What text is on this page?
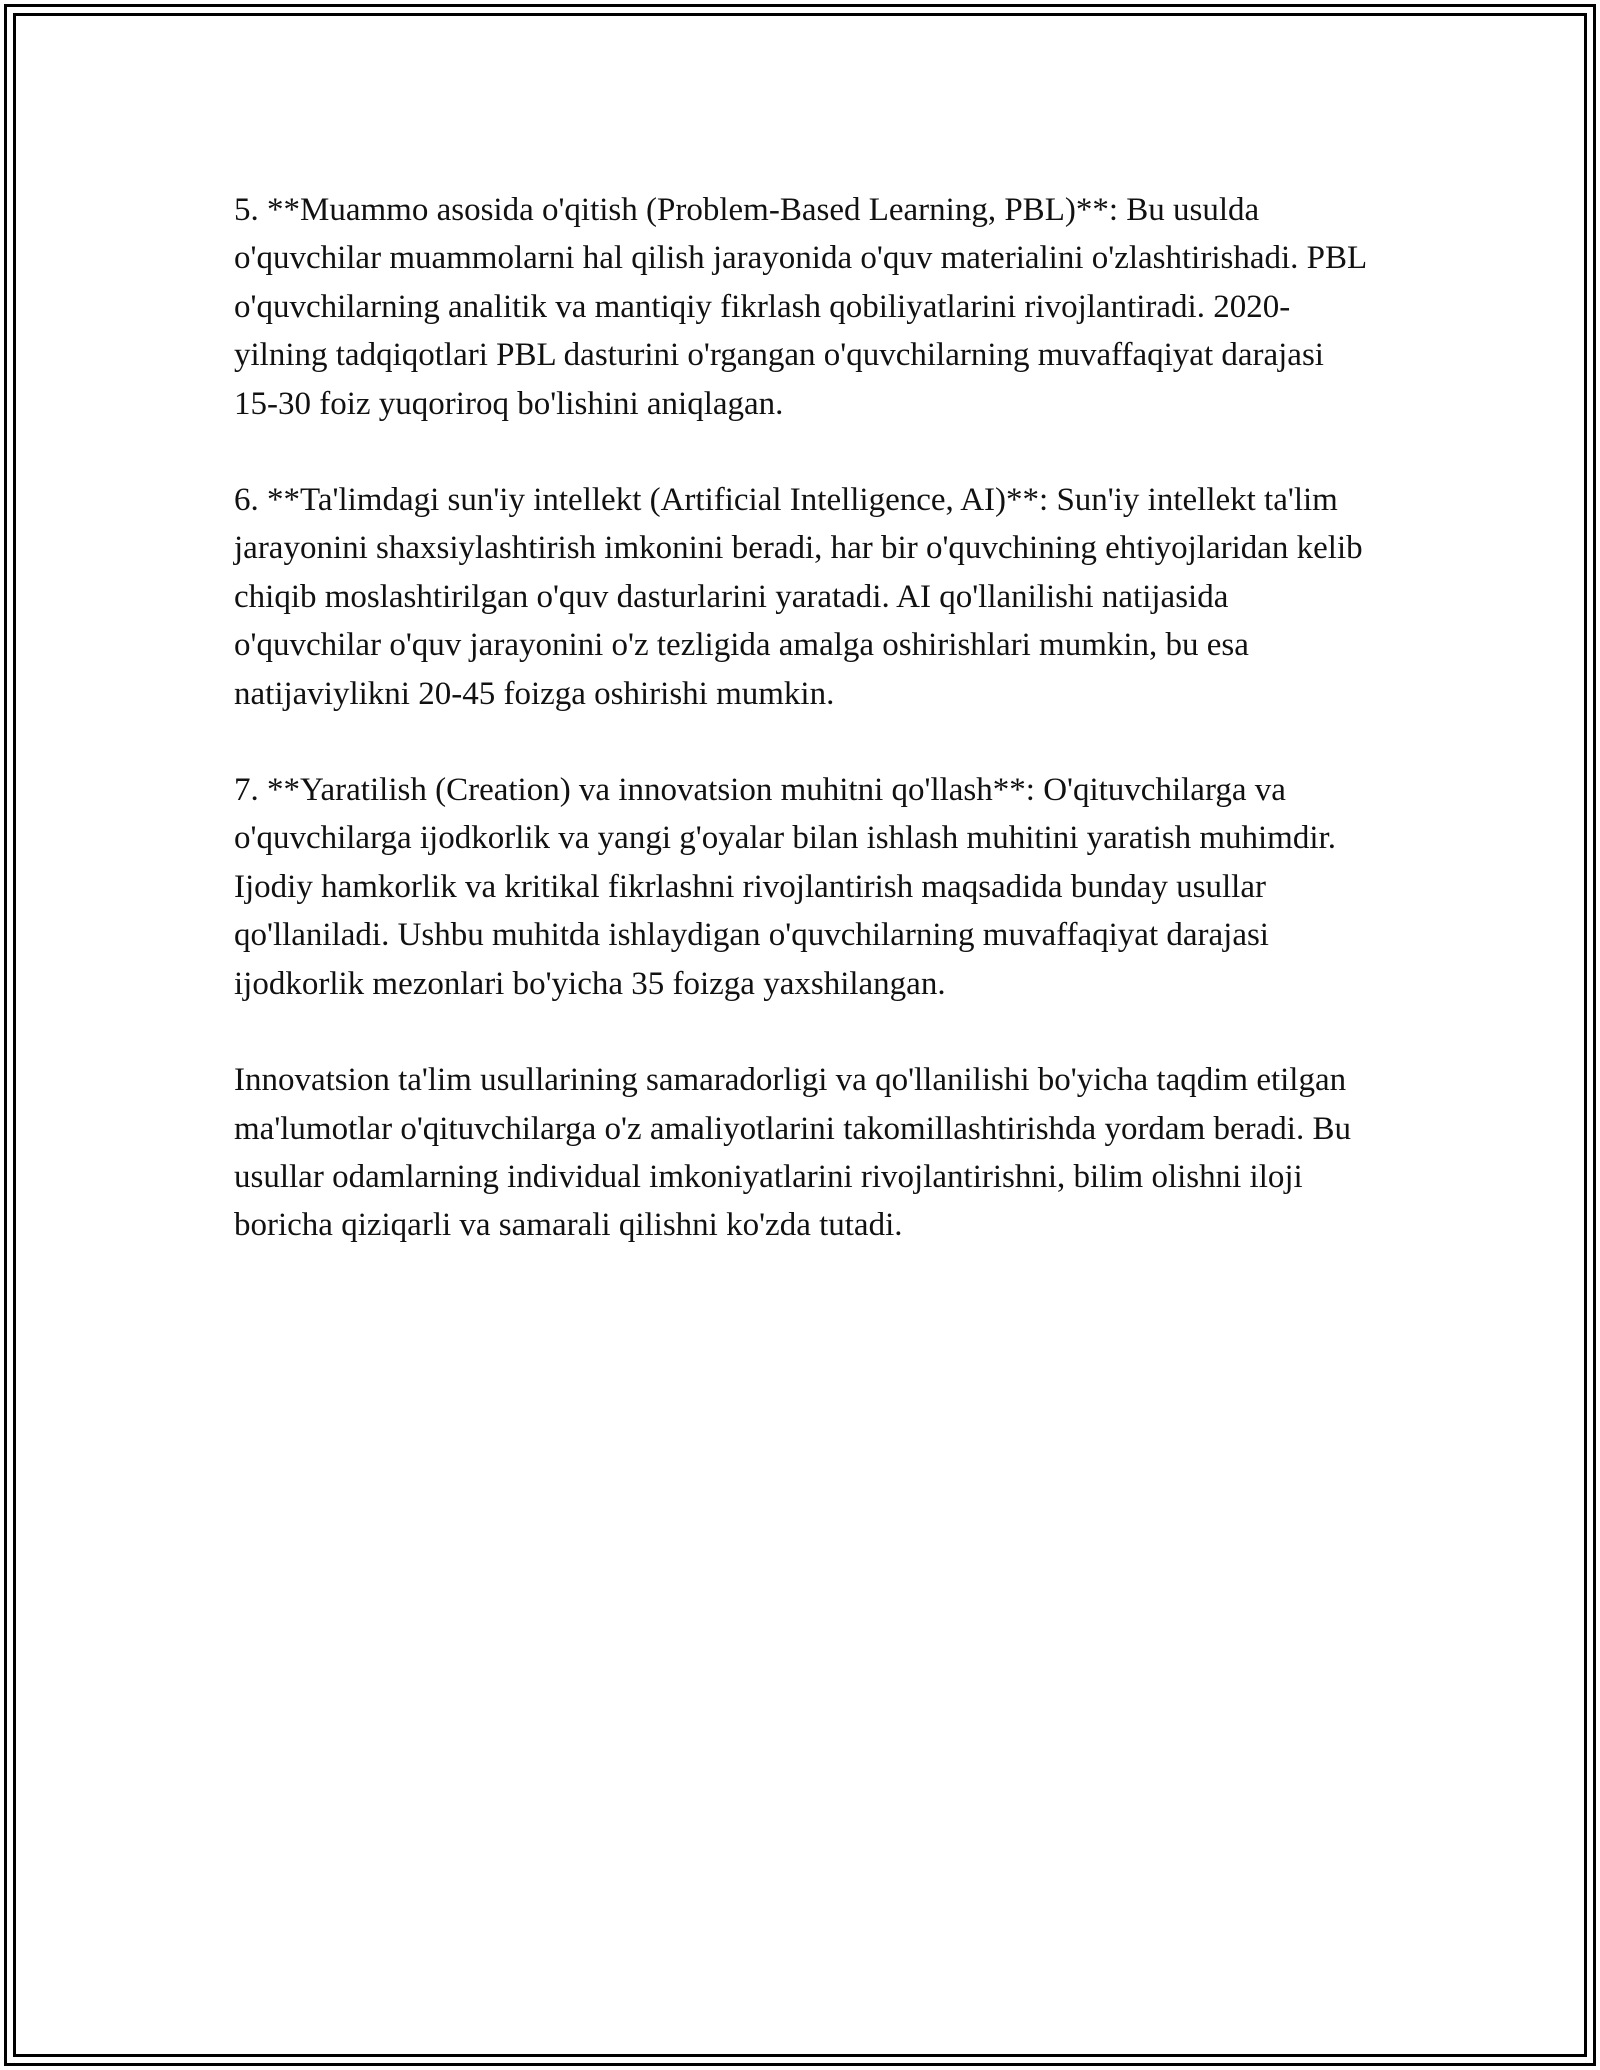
5. **Muammo asosida o'qitish (Problem-Based Learning, PBL)**: Bu usulda o'quvchilar muammolarni hal qilish jarayonida o'quv materialini o'zlashtirishadi. PBL o'quvchilarning analitik va mantiqiy fikrlash qobiliyatlarini rivojlantiradi. 2020-yilning tadqiqotlari PBL dasturini o'rgangan o'quvchilarning muvaffaqiyat darajasi 15-30 foiz yuqoriroq bo'lishini aniqlagan.

6. **Ta'limdagi sun'iy intellekt (Artificial Intelligence, AI)**: Sun'iy intellekt ta'lim jarayonini shaxsiylashtirish imkonini beradi, har bir o'quvchining ehtiyojlaridan kelib chiqib moslashtirilgan o'quv dasturlarini yaratadi. AI qo'llanilishi natijasida o'quvchilar o'quv jarayonini o'z tezligida amalga oshirishlari mumkin, bu esa natijaviylikni 20-45 foizga oshirishi mumkin.

7. **Yaratilish (Creation) va innovatsion muhitni qo'llash**: O'qituvchilarga va o'quvchilarga ijodkorlik va yangi g'oyalar bilan ishlash muhitini yaratish muhimdir. Ijodiy hamkorlik va kritikal fikrlashni rivojlantirish maqsadida bunday usullar qo'llaniladi. Ushbu muhitda ishlaydigan o'quvchilarning muvaffaqiyat darajasi ijodkorlik mezonlari bo'yicha 35 foizga yaxshilangan.

Innovatsion ta'lim usullarining samaradorligi va qo'llanilishi bo'yicha taqdim etilgan ma'lumotlar o'qituvchilarga o'z amaliyotlarini takomillashtirishda yordam beradi. Bu usullar odamlarning individual imkoniyatlarini rivojlantirishni, bilim olishni iloji boricha qiziqarli va samarali qilishni ko'zda tutadi.
